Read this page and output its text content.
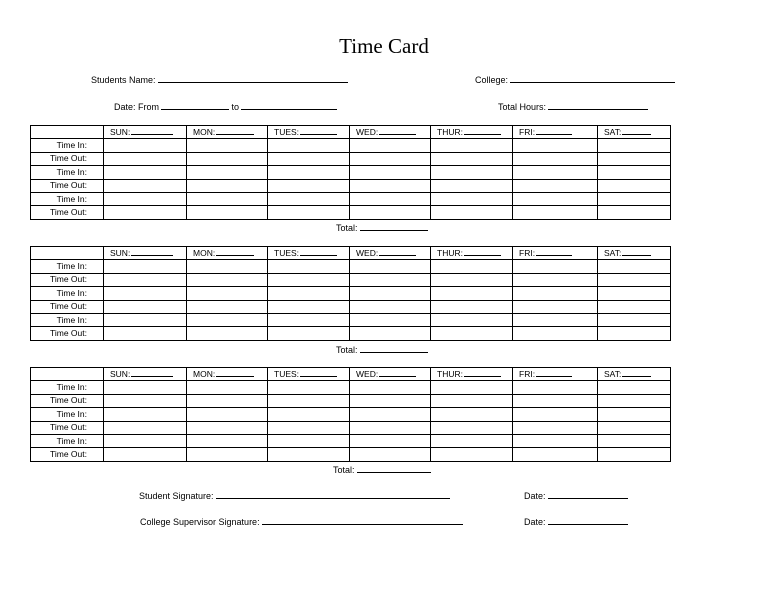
Time Card
Students Name:	College:
Date: From	to	Total Hours:
	SUN:	MON:	TUES:	WED:	THUR:	FRI:	SAT:
Time In:							
Time Out:							
Time In:							
Time Out:							
Time In:							
Time Out:							
Total:
	SUN:	MON:	TUES:	WED:	THUR:	FRI:	SAT:
Time In:							
Time Out:							
Time In:							
Time Out:							
Time In:							
Time Out:							
Total:
	SUN:	MON:	TUES:	WED:	THUR:	FRI:	SAT:
Time In:							
Time Out:							
Time In:							
Time Out:							
Time In:							
Time Out:							
Total:
Student Signature:	Date:
College Supervisor Signature:	Date:
